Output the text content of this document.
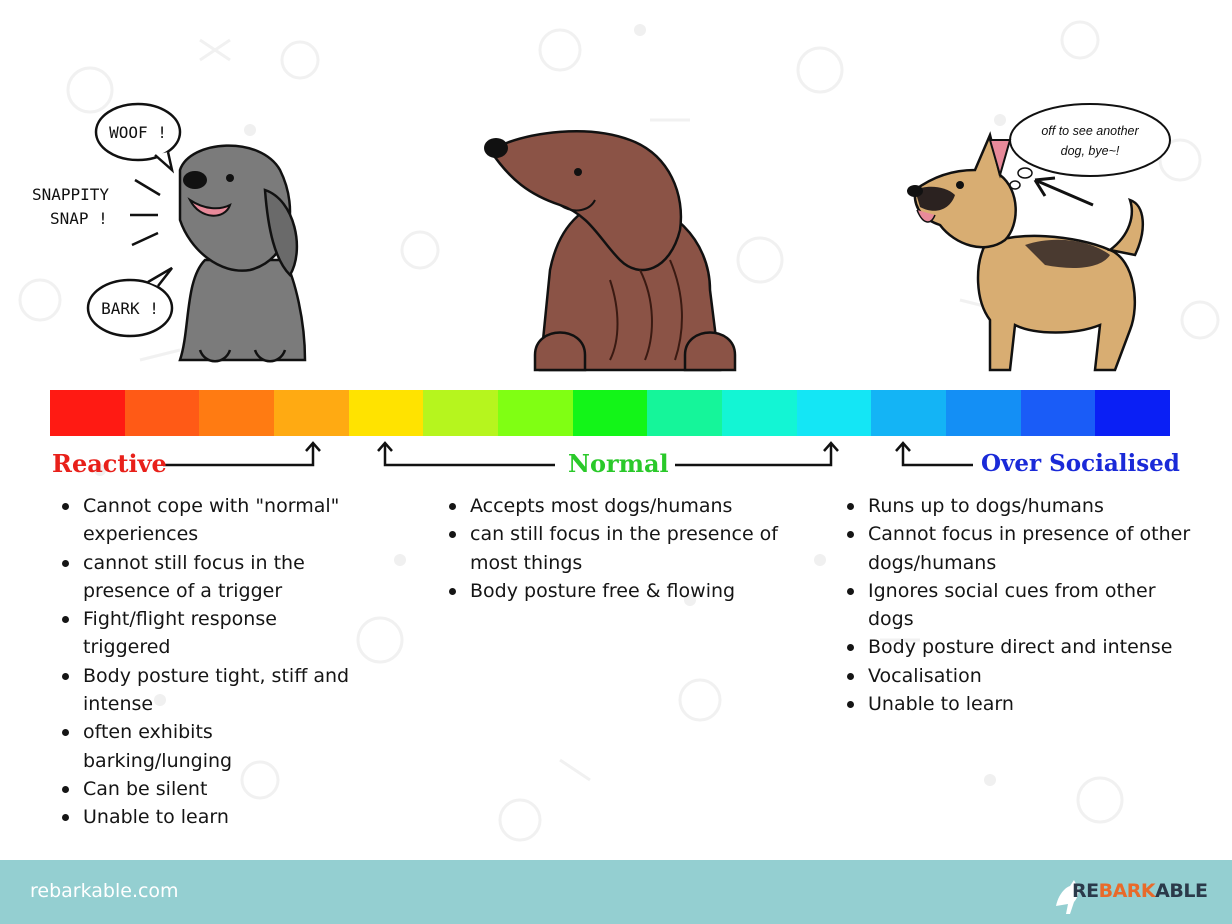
WOOF !
SNAPPITY
SNAP !
BARK !
off to see another
dog, bye~!
Reactive	Normal	Over Socialised
Cannot cope with "normal" experiences
cannot still focus in the presence of a trigger
Fight/flight response triggered
Body posture tight, stiff and intense
often exhibits barking/lunging
Can be silent
Unable to learn
Accepts most dogs/humans
can still focus in the presence of most things
Body posture free & flowing
Runs up to dogs/humans
Cannot focus in presence of other dogs/humans
Ignores social cues from other dogs
Body posture direct and intense
Vocalisation
Unable to learn
rebarkable.com	REBARKABLE
